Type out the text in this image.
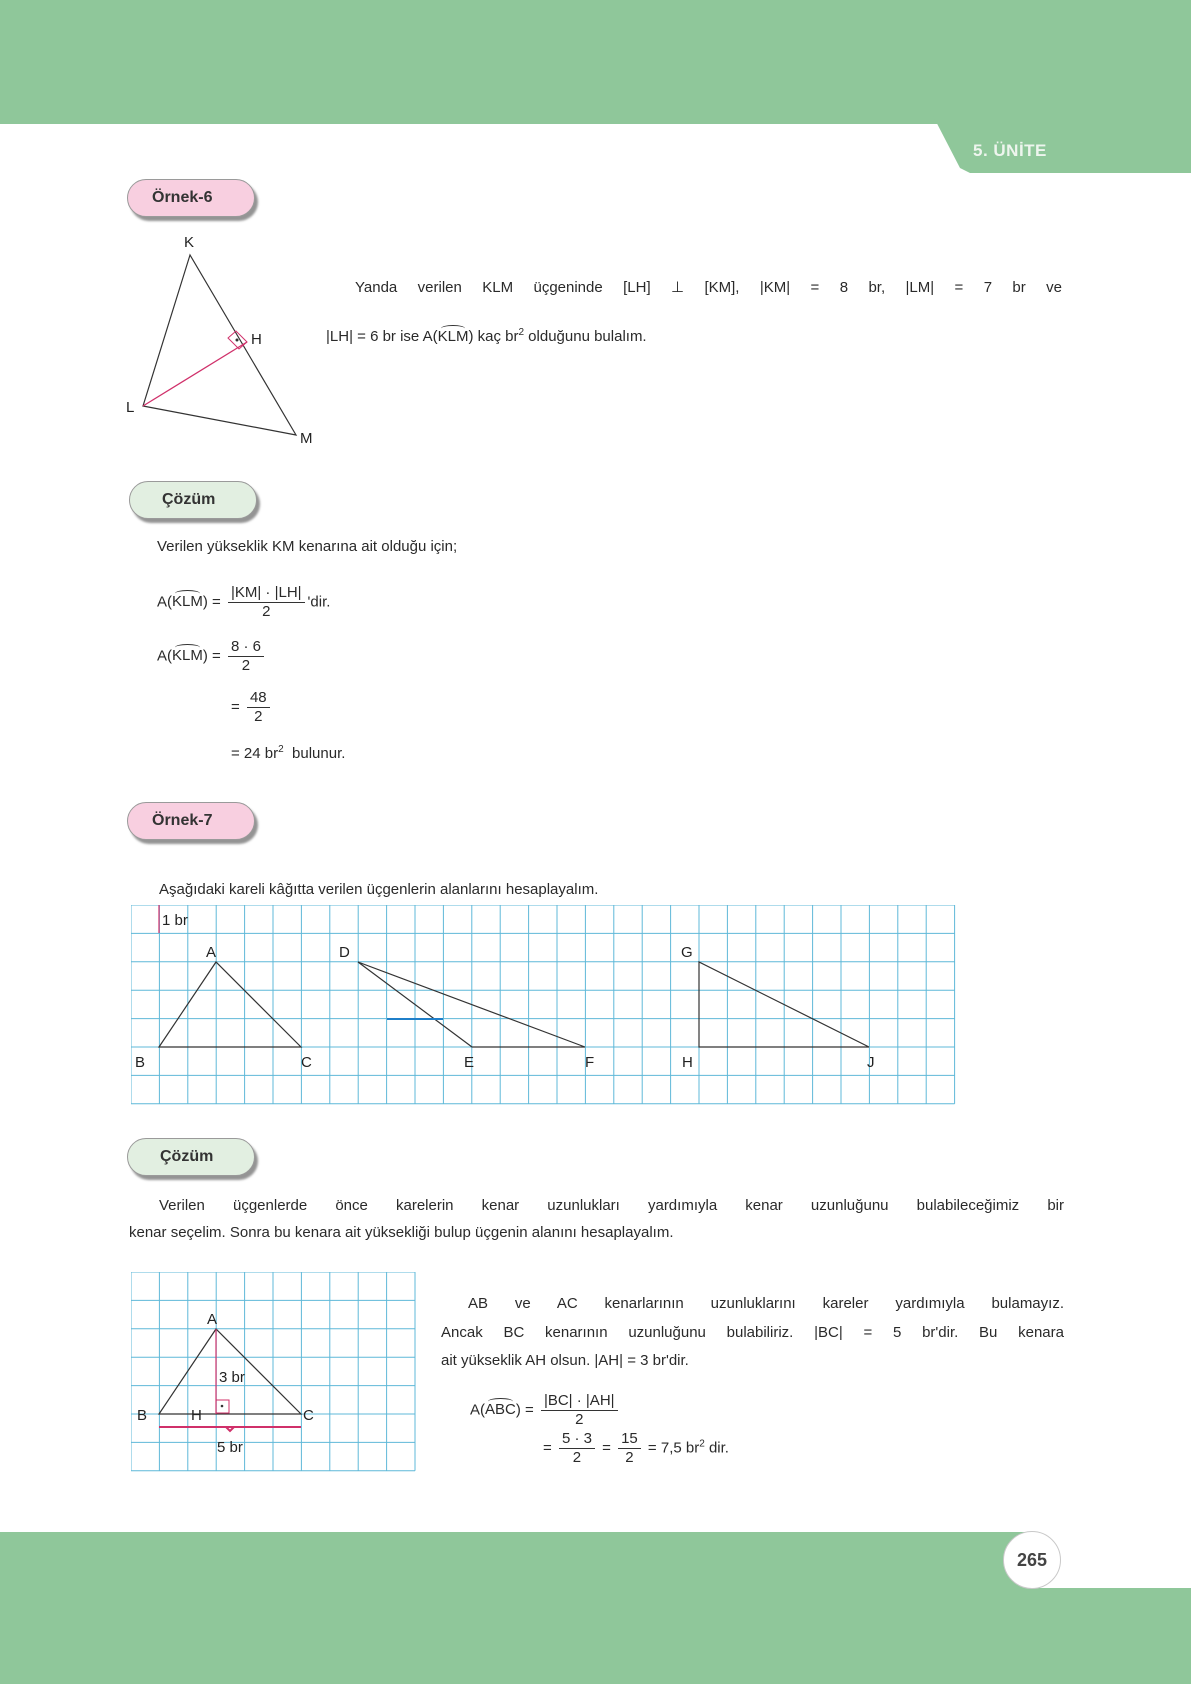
5. ÜNİTE
Örnek-6
K
H
L
M
Yanda verilen KLM üçgeninde [LH] ⊥ [KM], |KM| = 8 br, |LM| = 7 br ve
|LH| = 6 br ise A(KLM) kaç $br^2$ olduğunu bulalım.
Çözüm
Verilen yükseklik KM kenarına ait olduğu için;
$A(KLM) = \frac{|KM| \cdot |LH|}{2}$ 'dir.
$A(KLM) = \frac{8 \cdot 6}{2}$
= $\frac{48}{2}$
= 24 $br^2$  bulunur.
Örnek-7
Aşağıdaki kareli kâğıtta verilen üçgenlerin alanlarını hesaplayalım.
1 br
A
B	C
D
E	F
G
H	J
Çözüm
Verilen üçgenlerde önce karelerin kenar uzunlukları yardımıyla kenar uzunluğunu bulabileceğimiz bir
kenar seçelim. Sonra bu kenara ait yüksekliği bulup üçgenin alanını hesaplayalım.
A
B	H	C
3 br
5 br
AB ve AC kenarlarının uzunluklarını kareler yardımıyla bulamayız.
Ancak BC kenarının uzunluğunu bulabiliriz. |BC| = 5 br'dir. Bu kenara
ait yükseklik AH olsun. |AH| = 3 br'dir.
$A(ABC) = \frac{|BC| \cdot |AH|}{2}$
= $\frac{5 \cdot 3}{2} = \frac{15}{2} = 7,5$ $br^2$ dir.
265
